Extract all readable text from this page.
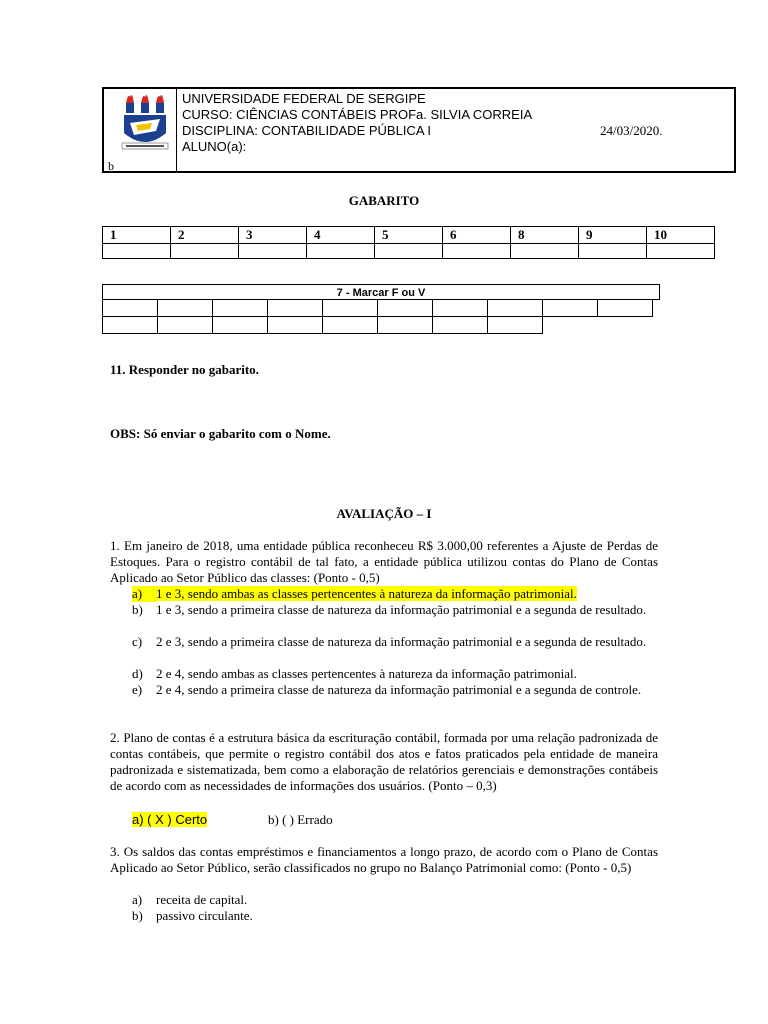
UNIVERSIDADE FEDERAL DE SERGIPE
CURSO: CIÊNCIAS CONTÁBEIS PROFa. SILVIA CORREIA
DISCIPLINA: CONTABILIDADE PÚBLICA I
ALUNO(a):
24/03/2020.
b
GABARITO
1	2	3	4	5	6	8	9	10

7 - Marcar F ou V
11. Responder no gabarito.
OBS: Só enviar o gabarito com o Nome.
AVALIAÇÃO – I
1. Em janeiro de 2018, uma entidade pública reconheceu R$ 3.000,00 referentes a Ajuste de Perdas de Estoques. Para o registro contábil de tal fato, a entidade pública utilizou contas do Plano de Contas Aplicado ao Setor Público das classes: (Ponto - 0,5)
a)	1 e 3, sendo ambas as classes pertencentes à natureza da informação patrimonial.
b)	1 e 3, sendo a primeira classe de natureza da informação patrimonial e a segunda de resultado.
c)	2 e 3, sendo a primeira classe de natureza da informação patrimonial e a segunda de resultado.
d)	2 e 4, sendo ambas as classes pertencentes à natureza da informação patrimonial.
e)	2 e 4, sendo a primeira classe de natureza da informação patrimonial e a segunda de controle.
2. Plano de contas é a estrutura básica da escrituração contábil, formada por uma relação padronizada de contas contábeis, que permite o registro contábil dos atos e fatos praticados pela entidade de maneira padronizada e sistematizada, bem como a elaboração de relatórios gerenciais e demonstrações contábeis de acordo com as necessidades de informações dos usuários. (Ponto – 0,3)
a) ( X ) Certo	b) ( ) Errado
3. Os saldos das contas empréstimos e financiamentos a longo prazo, de acordo com o Plano de Contas Aplicado ao Setor Público, serão classificados no grupo no Balanço Patrimonial como: (Ponto - 0,5)
a)	receita de capital.
b)	passivo circulante.
